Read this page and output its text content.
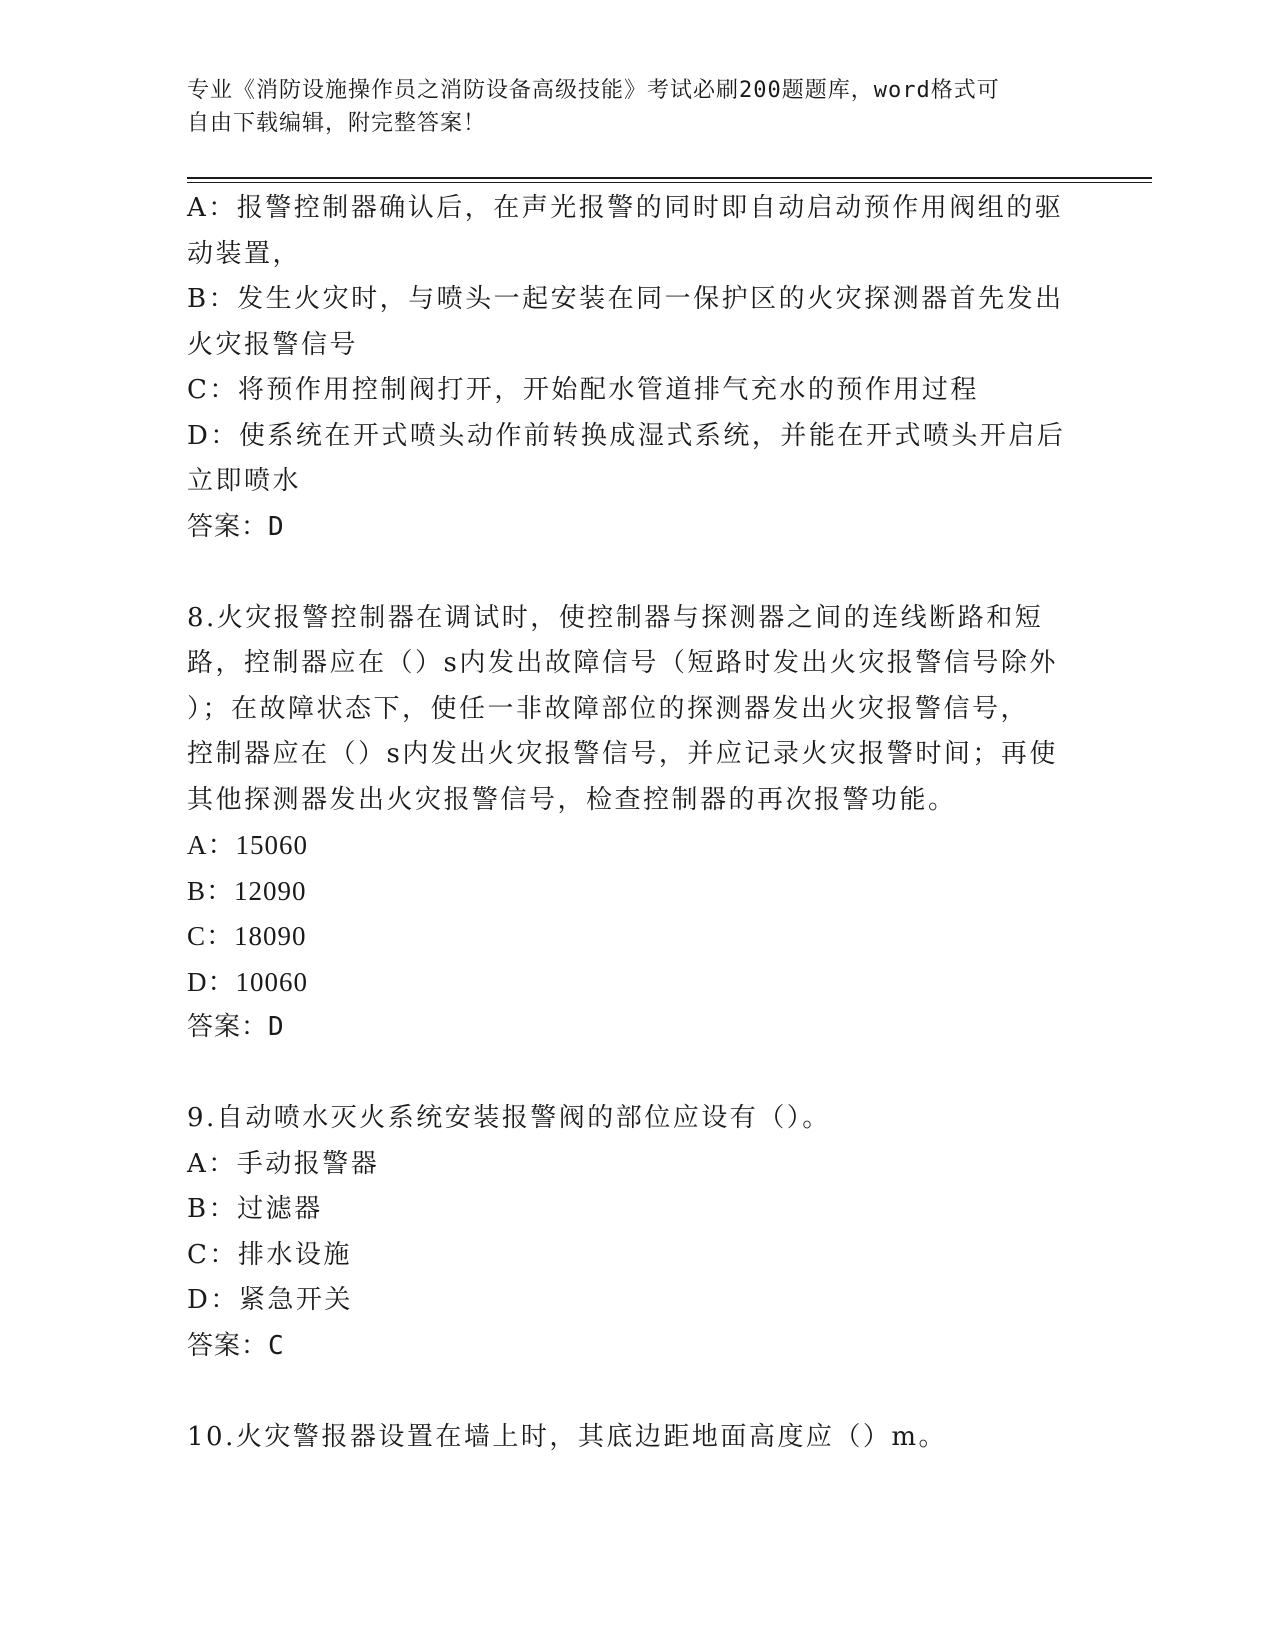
专业《消防设施操作员之消防设备高级技能》考试必刷200题题库，word格式可
自由下载编辑，附完整答案！
A：报警控制器确认后，在声光报警的同时即自动启动预作用阀组的驱
动装置，
B：发生火灾时，与喷头一起安装在同一保护区的火灾探测器首先发出
火灾报警信号
C：将预作用控制阀打开，开始配水管道排气充水的预作用过程
D：使系统在开式喷头动作前转换成湿式系统，并能在开式喷头开启后
立即喷水
答案：D
8.火灾报警控制器在调试时，使控制器与探测器之间的连线断路和短
路，控制器应在（）s内发出故障信号（短路时发出火灾报警信号除外
）；在故障状态下，使任一非故障部位的探测器发出火灾报警信号，
控制器应在（）s内发出火灾报警信号，并应记录火灾报警时间；再使
其他探测器发出火灾报警信号，检查控制器的再次报警功能。
A：15060
B：12090
C：18090
D：10060
答案：D
9.自动喷水灭火系统安装报警阀的部位应设有（）。
A：手动报警器
B：过滤器
C：排水设施
D：紧急开关
答案：C
10.火灾警报器设置在墙上时，其底边距地面高度应（）m。
